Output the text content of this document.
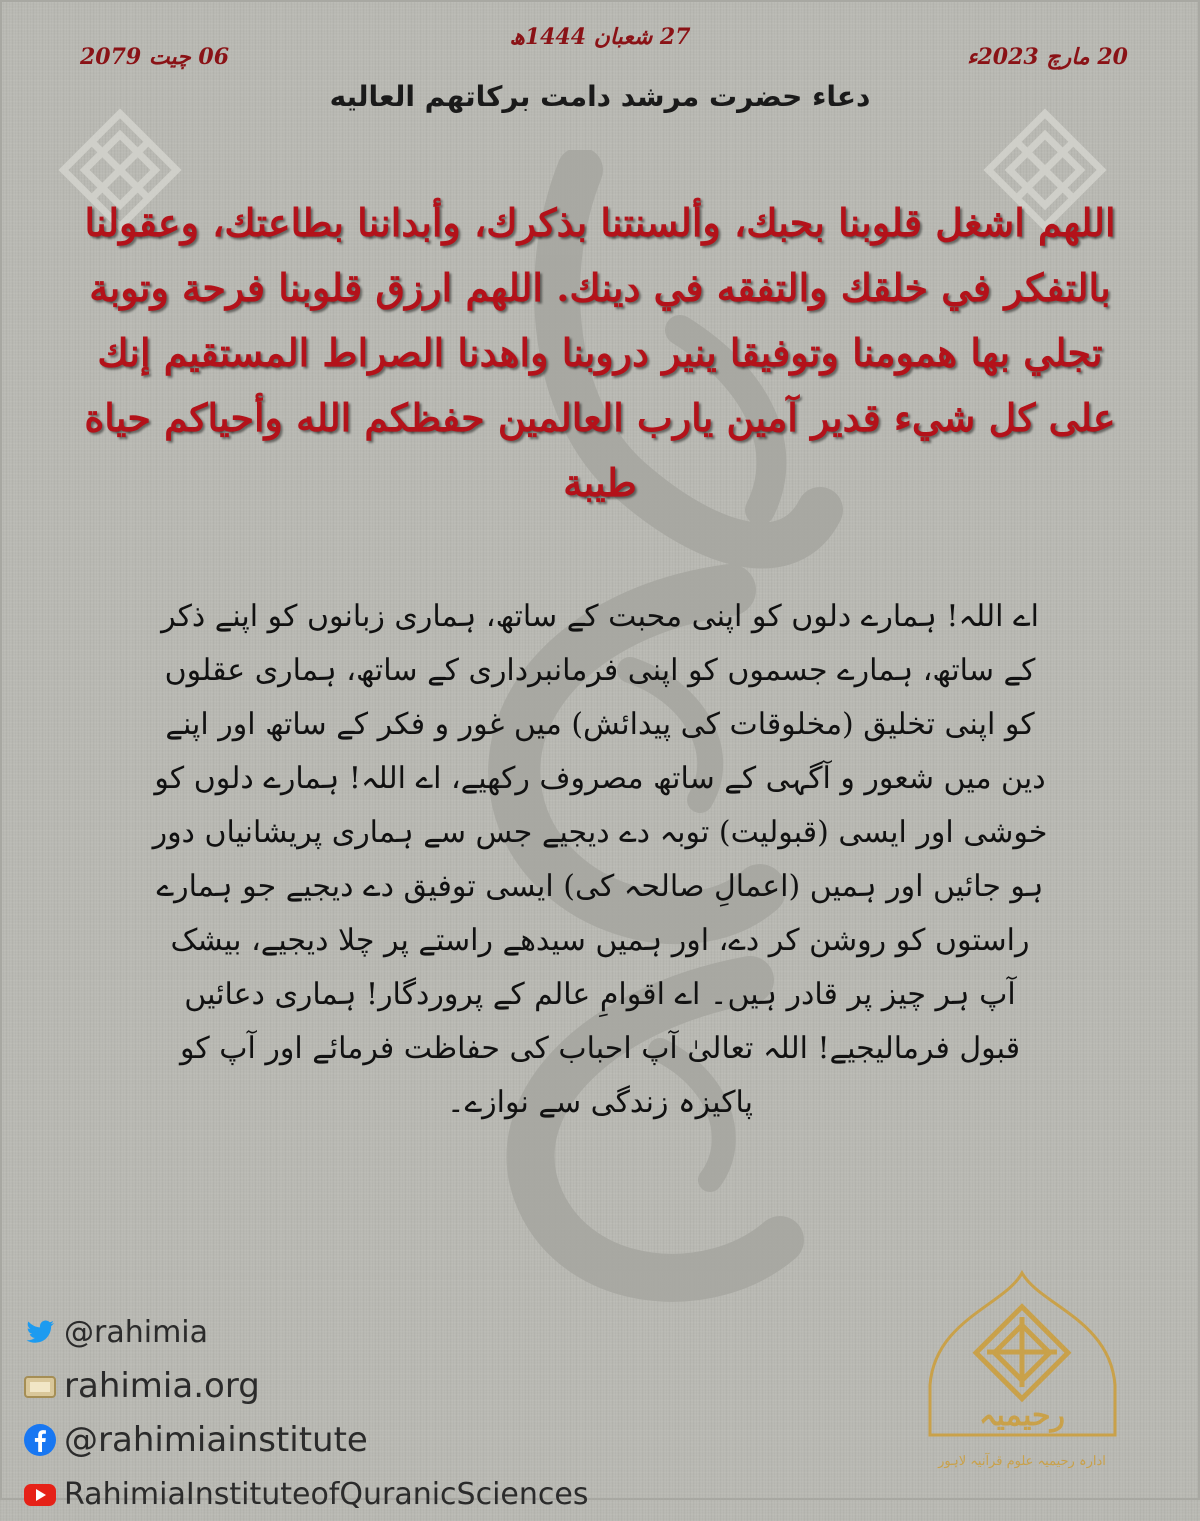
27 شعبان 1444ھ
20 مارچ 2023ء
06 چیت 2079
دعاء حضرت مرشد دامت برکاتهم العالیه
اللهم اشغل قلوبنا بحبك، وألسنتنا بذكرك، وأبداننا بطاعتك، وعقولنا بالتفكر في خلقك والتفقه في دينك. اللهم ارزق قلوبنا فرحة وتوبة تجلي بها همومنا وتوفيقا ينير دروبنا واهدنا الصراط المستقيم إنك على كل شيء قدير آمين يارب العالمين حفظكم الله وأحياكم حياة طيبة
اے اللہ! ہمارے دلوں کو اپنی محبت کے ساتھ، ہماری زبانوں کو اپنے ذکر کے ساتھ، ہمارے جسموں کو اپنی فرمانبرداری کے ساتھ، ہماری عقلوں کو اپنی تخلیق (مخلوقات کی پیدائش) میں غور و فکر کے ساتھ اور اپنے دین میں شعور و آگہی کے ساتھ مصروف رکھیے، اے اللہ! ہمارے دلوں کو خوشی اور ایسی (قبولیت) توبہ دے دیجیے جس سے ہماری پریشانیاں دور ہو جائیں اور ہمیں (اعمالِ صالحہ کی) ایسی توفیق دے دیجیے جو ہمارے راستوں کو روشن کر دے، اور ہمیں سیدھے راستے پر چلا دیجیے، بیشک آپ ہر چیز پر قادر ہیں۔ اے اقوامِ عالم کے پروردگار! ہماری دعائیں قبول فرمالیجیے! اللہ تعالیٰ آپ احباب کی حفاظت فرمائے اور آپ کو پاکیزہ زندگی سے نوازے۔
@rahimia
rahimia.org
@rahimiainstitute
RahimiaInstituteofQuranicSciences
رحیمیہ
ادارہ رحیمیہ علوم قرآنیہ لاہور
